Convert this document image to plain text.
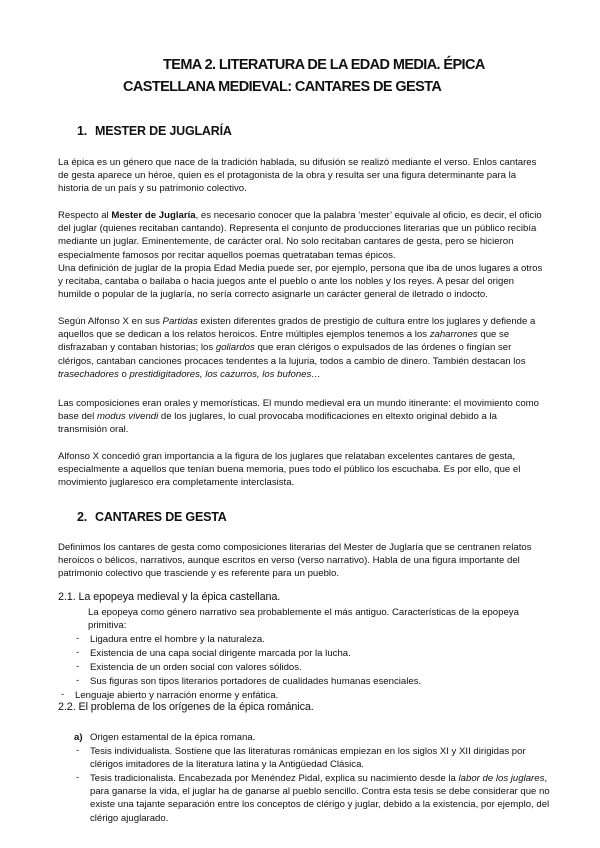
TEMA 2. LITERATURA DE LA EDAD MEDIA. ÉPICA
CASTELLANA MEDIEVAL: CANTARES DE GESTA
1. MESTER DE JUGLARÍA
La épica es un género que nace de la tradición hablada, su difusión se realizó mediante el verso. Enlos cantares de gesta aparece un héroe, quien es el protagonista de la obra y resulta ser una figura determinante para la historia de un país y su patrimonio colectivo.
Respecto al Mester de Juglaría, es necesario conocer que la palabra ‘mester’ equivale al oficio, es decir, el oficio del juglar (quienes recitaban cantando). Representa el conjunto de producciones literarias que un público recibía mediante un juglar. Eminentemente, de carácter oral. No solo recitaban cantares de gesta, pero se hicieron especialmente famosos por recitar aquellos poemas quetrataban temas épicos.
Una definición de juglar de la propia Edad Media puede ser, por ejemplo, persona que iba de unos lugares a otros y recitaba, cantaba o bailaba o hacia juegos ante el pueblo o ante los nobles y los reyes. A pesar del origen humilde o popular de la juglaría, no sería correcto asignarle un carácter general de iletrado o indocto.
Según Alfonso X en sus Partidas existen diferentes grados de prestigio de cultura entre los juglares y defiende a aquellos que se dedican a los relatos heroicos. Entre múltiples ejemplos tenemos a los zaharrones que se disfrazaban y contaban historias; los goliardos que eran clérigos o expulsados de las órdenes o fingían ser clérigos, cantaban canciones procaces tendentes a la lujuria, todos a cambio de dinero. También destacan los trasechadores o prestidigitadores, los cazurros, los bufones…
Las composiciones eran orales y memorísticas. El mundo medieval era un mundo itinerante: el movimiento como base del modus vivendi de los juglares, lo cual provocaba modificaciones en eltexto original debido a la transmisión oral.
Alfonso X concedió gran importancia a la figura de los juglares que relataban excelentes cantares de gesta, especialmente a aquellos que tenían buena memoria, pues todo el público los escuchaba. Es por ello, que el movimiento juglaresco era completamente interclasista.
2. CANTARES DE GESTA
Definimos los cantares de gesta como composiciones literarias del Mester de Juglaría que se centranen relatos heroicos o bélicos, narrativos, aunque escritos en verso (verso narrativo). Habla de una figura importante del patrimonio colectivo que trasciende y es referente para un pueblo.
2.1. La epopeya medieval y la épica castellana.
La epopeya como género narrativo sea probablemente el más antiguo. Características de la epopeya primitiva:
- Ligadura entre el hombre y la naturaleza.
- Existencia de una capa social dirigente marcada por la lucha.
- Existencia de un orden social con valores sólidos.
- Sus figuras son tipos literarios portadores de cualidades humanas esenciales.
- Lenguaje abierto y narración enorme y enfática.
2.2. El problema de los orígenes de la épica románica.
a) Origen estamental de la épica romana.
- Tesis individualista. Sostiene que las literaturas románicas empiezan en los siglos XI y XII dirigidas por clérigos imitadores de la literatura latina y la Antigüedad Clásica.
- Tesis tradicionalista. Encabezada por Menéndez Pidal, explica su nacimiento desde la labor de los juglares, para ganarse la vida, el juglar ha de ganarse al pueblo sencillo. Contra esta tesis se debe considerar que no existe una tajante separación entre los conceptos de clérigo y juglar, debido a la existencia, por ejemplo, del clérigo ajuglarado.
